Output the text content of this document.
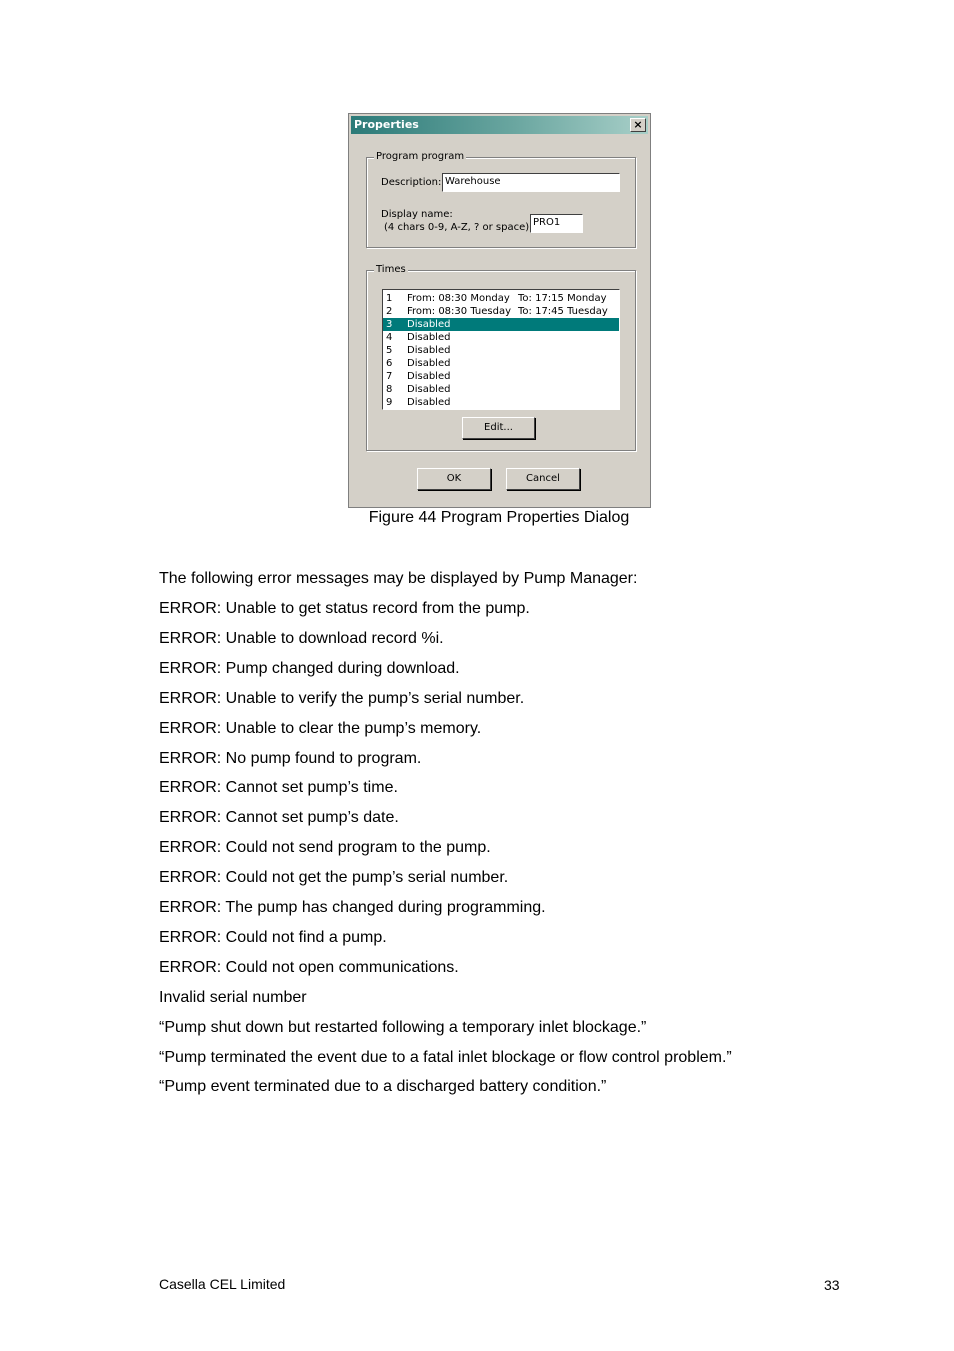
Properties	×
Program program
Description: Warehouse
Display name:
(4 chars 0-9, A-Z, ? or space) PRO1
Times
1 From: 08:30 Monday To: 17:15 Monday
2 From: 08:30 Tuesday To: 17:45 Tuesday
3 Disabled
4 Disabled
5 Disabled
6 Disabled
7 Disabled
8 Disabled
9 Disabled
Edit...
OK	Cancel
Figure 44 Program Properties Dialog
The following error messages may be displayed by Pump Manager:
ERROR: Unable to get status record from the pump.
ERROR: Unable to download record %i.
ERROR: Pump changed during download.
ERROR: Unable to verify the pump’s serial number.
ERROR: Unable to clear the pump’s memory.
ERROR: No pump found to program.
ERROR: Cannot set pump’s time.
ERROR: Cannot set pump’s date.
ERROR: Could not send program to the pump.
ERROR: Could not get the pump’s serial number.
ERROR: The pump has changed during programming.
ERROR: Could not find a pump.
ERROR: Could not open communications.
Invalid serial number
“Pump shut down but restarted following a temporary inlet blockage.”
“Pump terminated the event due to a fatal inlet blockage or flow control problem.”
“Pump event terminated due to a discharged battery condition.”
Casella CEL Limited	33
